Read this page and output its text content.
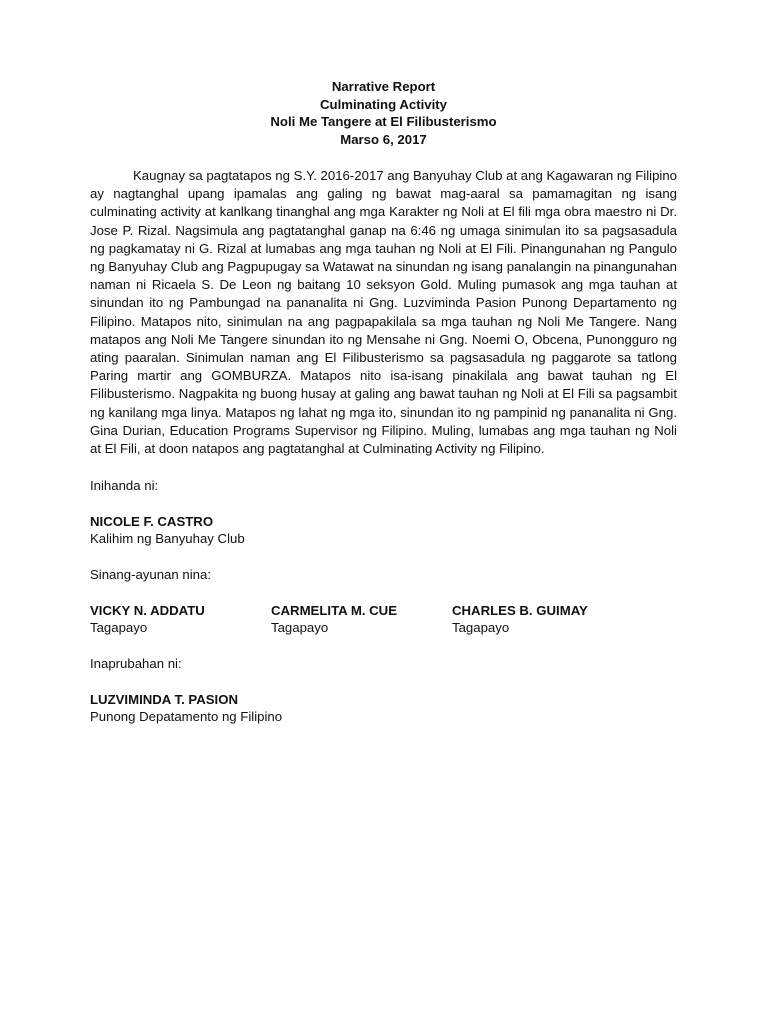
Narrative Report
Culminating Activity
Noli Me Tangere at El Filibusterismo
Marso 6, 2017
Kaugnay sa pagtatapos ng S.Y. 2016-2017 ang Banyuhay Club at ang Kagawaran ng Filipino ay nagtanghal upang ipamalas ang galing ng bawat mag-aaral sa pamamagitan ng isang culminating activity at kanlkang tinanghal ang mga Karakter ng Noli at El fili mga obra maestro ni Dr. Jose P. Rizal. Nagsimula ang pagtatanghal ganap na 6:46 ng umaga sinimulan ito sa pagsasadula ng pagkamatay ni G. Rizal at lumabas ang mga tauhan ng Noli at El Fili. Pinangunahan ng Pangulo ng Banyuhay Club ang Pagpupugay sa Watawat na sinundan ng isang panalangin na pinangunahan naman ni Ricaela S. De Leon ng baitang 10 seksyon Gold. Muling pumasok ang mga tauhan at sinundan ito ng Pambungad na pananalita ni Gng. Luzviminda Pasion Punong Departamento ng Filipino. Matapos nito, sinimulan na ang pagpapakilala sa mga tauhan ng Noli Me Tangere. Nang matapos ang Noli Me Tangere sinundan ito ng Mensahe ni Gng. Noemi O, Obcena, Punongguro ng ating paaralan. Sinimulan naman ang El Filibusterismo sa pagsasadula ng paggarote sa tatlong Paring martir ang GOMBURZA. Matapos nito isa-isang pinakilala ang bawat tauhan ng El Filibusterismo. Nagpakita ng buong husay at galing ang bawat tauhan ng Noli at El Fili sa pagsambit ng kanilang mga linya. Matapos ng lahat ng mga ito, sinundan ito ng pampinid ng pananalita ni Gng. Gina Durian, Education Programs Supervisor ng Filipino. Muling, lumabas ang mga tauhan ng Noli at El Fili, at doon natapos ang pagtatanghal at Culminating Activity ng Filipino.
Inihanda ni:
NICOLE F. CASTRO
Kalihim ng Banyuhay Club
Sinang-ayunan nina:
VICKY N. ADDATU
Tagapayo
CARMELITA M. CUE
Tagapayo
CHARLES B. GUIMAY
Tagapayo
Inaprubahan ni:
LUZVIMINDA T. PASION
Punong Depatamento ng Filipino
